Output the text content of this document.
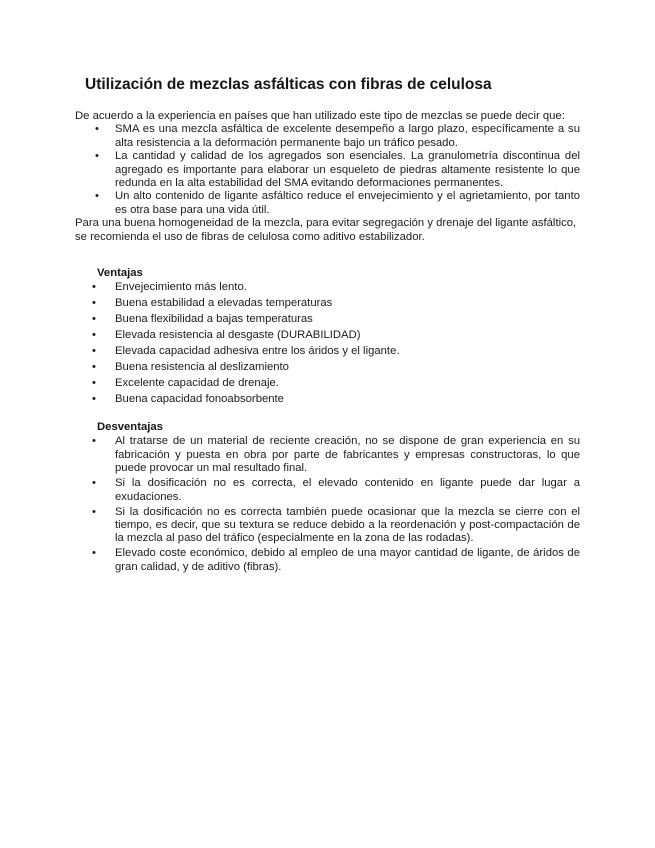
Utilización de mezclas asfálticas con fibras de celulosa

De acuerdo a la experiencia en países que han utilizado este tipo de mezclas se puede decir que:

• SMA es una mezcla asfáltica de excelente desempeño a largo plazo, específicamente a su alta resistencia a la deformación permanente bajo un tráfico pesado.
• La cantidad y calidad de los agregados son esenciales. La granulometría discontinua del agregado es importante para elaborar un esqueleto de piedras altamente resistente lo que redunda en la alta estabilidad del SMA evitando deformaciones permanentes.
• Un alto contenido de ligante asfáltico reduce el envejecimiento y el agrietamiento, por tanto es otra base para una vida útil.

Para una buena homogeneidad de la mezcla, para evitar segregación y drenaje del ligante asfáltico, se recomienda el uso de fibras de celulosa como aditivo estabilizador.

Ventajas
• Envejecimiento más lento.
• Buena estabilidad a elevadas temperaturas
• Buena flexibilidad a bajas temperaturas
• Elevada resistencia al desgaste (DURABILIDAD)
• Elevada capacidad adhesiva entre los áridos y el ligante.
• Buena resistencia al deslizamiento
• Excelente capacidad de drenaje.
• Buena capacidad fonoabsorbente
Desventajas
• Al tratarse de un material de reciente creación, no se dispone de gran experiencia en su fabricación y puesta en obra por parte de fabricantes y empresas constructoras, lo que puede provocar un mal resultado final.
• Si la dosificación no es correcta, el elevado contenido en ligante puede dar lugar a exudaciones.
• Si la dosificación no es correcta también puede ocasionar que la mezcla se cierre con el tiempo, es decir, que su textura se reduce debido a la reordenación y post-compactación de la mezcla al paso del tráfico (especialmente en la zona de las rodadas).
• Elevado coste económico, debido al empleo de una mayor cantidad de ligante, de áridos de gran calidad, y de aditivo (fibras).
